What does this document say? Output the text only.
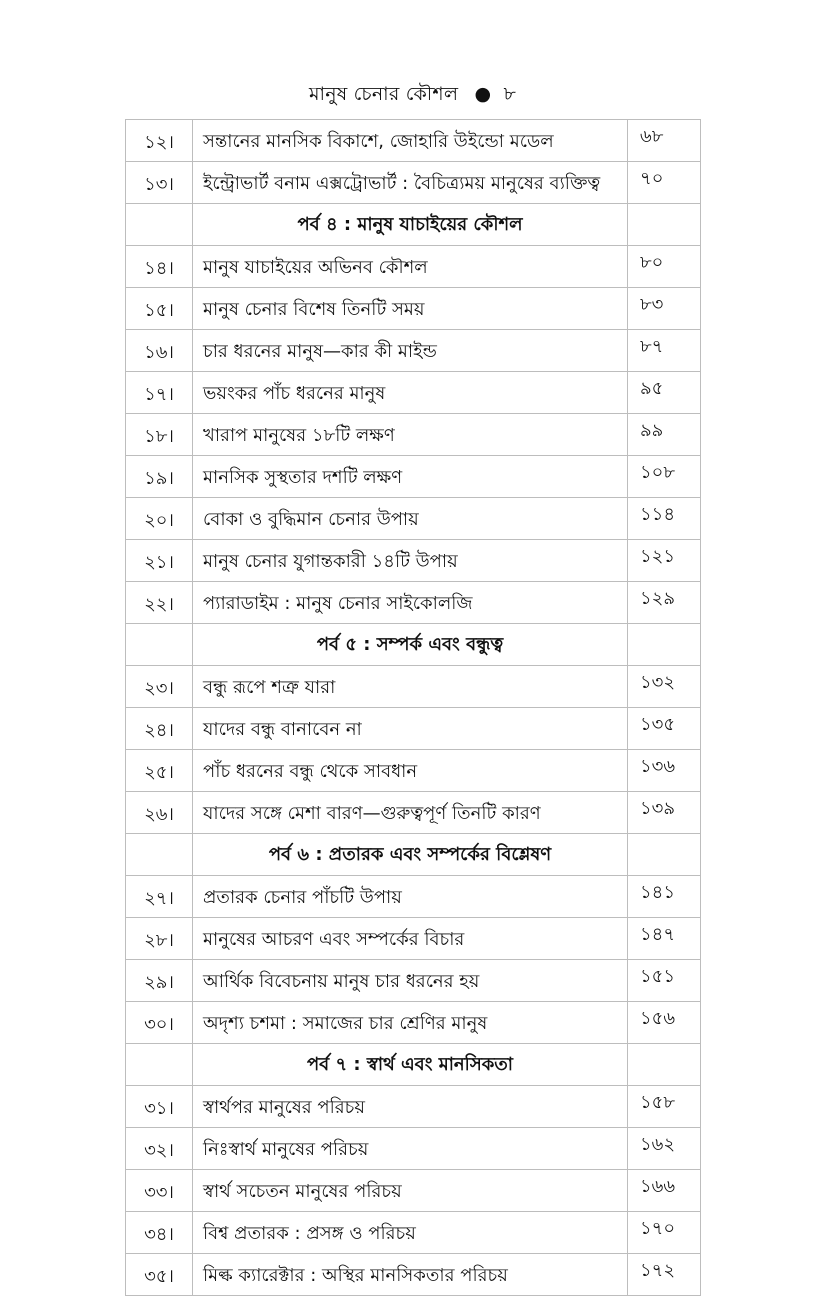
মানুষ চেনার কৌশল ● ৮
১২।	সন্তানের মানসিক বিকাশে, জোহারি উইন্ডো মডেল	৬৮
১৩।	ইন্ট্রোভার্ট বনাম এক্সট্রোভার্ট : বৈচিত্র্যময় মানুষের ব্যক্তিত্ব	৭০
	পর্ব ৪ : মানুষ যাচাইয়ের কৌশল	
১৪।	মানুষ যাচাইয়ের অভিনব কৌশল	৮০
১৫।	মানুষ চেনার বিশেষ তিনটি সময়	৮৩
১৬।	চার ধরনের মানুষ—কার কী মাইন্ড	৮৭
১৭।	ভয়ংকর পাঁচ ধরনের মানুষ	৯৫
১৮।	খারাপ মানুষের ১৮টি লক্ষণ	৯৯
১৯।	মানসিক সুস্থতার দশটি লক্ষণ	১০৮
২০।	বোকা ও বুদ্ধিমান চেনার উপায়	১১৪
২১।	মানুষ চেনার যুগান্তকারী ১৪টি উপায়	১২১
২২।	প্যারাডাইম : মানুষ চেনার সাইকোলজি	১২৯
	পর্ব ৫ : সম্পর্ক এবং বন্ধুত্ব	
২৩।	বন্ধু রূপে শত্রু যারা	১৩২
২৪।	যাদের বন্ধু বানাবেন না	১৩৫
২৫।	পাঁচ ধরনের বন্ধু থেকে সাবধান	১৩৬
২৬।	যাদের সঙ্গে মেশা বারণ—গুরুত্বপূর্ণ তিনটি কারণ	১৩৯
	পর্ব ৬ : প্রতারক এবং সম্পর্কের বিশ্লেষণ	
২৭।	প্রতারক চেনার পাঁচটি উপায়	১৪১
২৮।	মানুষের আচরণ এবং সম্পর্কের বিচার	১৪৭
২৯।	আর্থিক বিবেচনায় মানুষ চার ধরনের হয়	১৫১
৩০।	অদৃশ্য চশমা : সমাজের চার শ্রেণির মানুষ	১৫৬
	পর্ব ৭ : স্বার্থ এবং মানসিকতা	
৩১।	স্বার্থপর মানুষের পরিচয়	১৫৮
৩২।	নিঃস্বার্থ মানুষের পরিচয়	১৬২
৩৩।	স্বার্থ সচেতন মানুষের পরিচয়	১৬৬
৩৪।	বিশ্ব প্রতারক : প্রসঙ্গ ও পরিচয়	১৭০
৩৫।	মিল্ক ক্যারেক্টার : অস্থির মানসিকতার পরিচয়	১৭২
